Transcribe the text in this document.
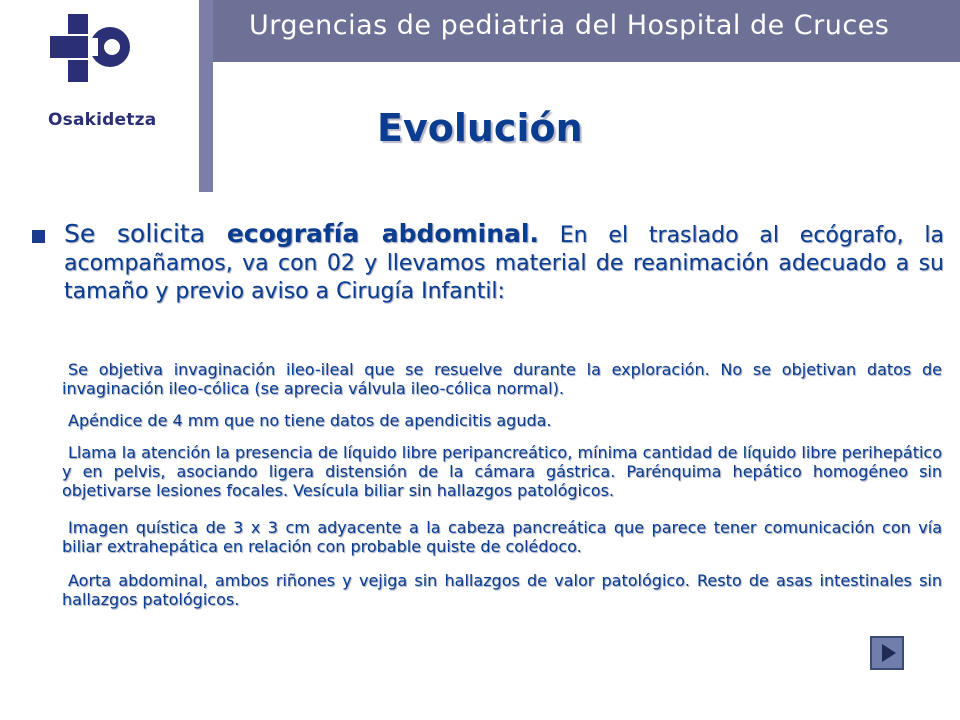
Osakidetza
Urgencias de pediatria del Hospital de Cruces
Evolución
Se solicita ecografía abdominal. En el traslado al ecógrafo, la acompañamos, va con 02 y llevamos material de reanimación adecuado a su tamaño y previo aviso a Cirugía Infantil:
Se objetiva invaginación ileo-ileal que se resuelve durante la exploración. No se objetivan datos de invaginación ileo-cólica (se aprecia válvula ileo-cólica normal).
Apéndice de 4 mm que no tiene datos de apendicitis aguda.
Llama la atención la presencia de líquido libre peripancreático, mínima cantidad de líquido libre perihepático y en pelvis, asociando ligera distensión de la cámara gástrica. Parénquima hepático homogéneo sin objetivarse lesiones focales. Vesícula biliar sin hallazgos patológicos.
Imagen quística de 3 x 3 cm adyacente a la cabeza pancreática que parece tener comunicación con vía biliar extrahepática en relación con probable quiste de colédoco.
Aorta abdominal, ambos riñones y vejiga sin hallazgos de valor patológico. Resto de asas intestinales sin hallazgos patológicos.
